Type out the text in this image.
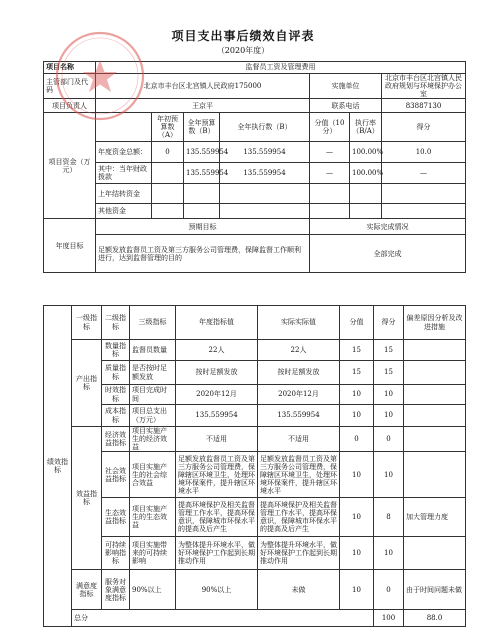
项目支出事后绩效自评表
（2020年度）
项目名称	监督员工资及管理费用						
主管部门及代码	北京市丰台区北宫镇人民政府175000				实施单位		北京市丰台区北宫镇人民政府规划与环境保护办公室
项目负责人	王京平				联系电话		83887130
项目资金（万元）		年初预算数（A）	全年预算数（B）	全年执行数（B）	分值（10分）	执行率（B/A）	得分
	年度资金总额：	0	135.559954	135.559954	—	100.00%	10.0
	其中：当年财政拨款		135.559954	135.559954	—	100.00%	—
	上年结转资金						
	其他资金						
年度目标	预期目标				实际完成情况		
	足额发放监督员工资及第三方服务公司管理费，保障监督工作顺利进行，达到监督管理的目的				全部完成		
绩效指标	一级指标	二级指标	三级指标	年度指标值	实际实际值	分值	得分	偏差原因分析及改进措施	
	产出指标	数量指标	监督员数量	22人	22人	15	15		
		质量指标	是否按时足额发放	按时足额发放	按时足额发放	15	15		
		时效指标	项目完成时间	2020年12月	2020年12月	10	10		
		成本指标	项目总支出（万元）	135.559954	135.559954	10	10		
	效益指标	经济效益指标	项目实施产生的经济效益	不适用	不适用	0	0		
		社会效益指标	项目实施产生的社会综合效益	足额发放监督员工资及第三方服务公司管理费，保障辖区环境卫生，处理环境环保案件，提升辖区环境水平	足额发放监督员工资及第三方服务公司管理费，保障辖区环境卫生，处理环境环保案件，提升辖区环境水平	10	10		
		生态效益指标	项目实施产生的生态效益	提高环境保护及相关监督管理工作水平，提高环保意识，保障城市环保水平的提高及后产生	提高环境保护及相关监督管理工作水平，提高环保意识，保障城市环保水平的提高及后产生	10	8	加大管理力度	
		可持续影响指标	项目实施带来的可持续影响	为整体提升环境水平，做好环境保护工作起到长期推动作用	为整体提升环境水平，做好环境保护工作起到长期推动作用	10	10		
	满意度指标	服务对象满意度指标	90%以上	90%以上	未做	10	0	由于时间问题未做	
	总分						100	88.0	
